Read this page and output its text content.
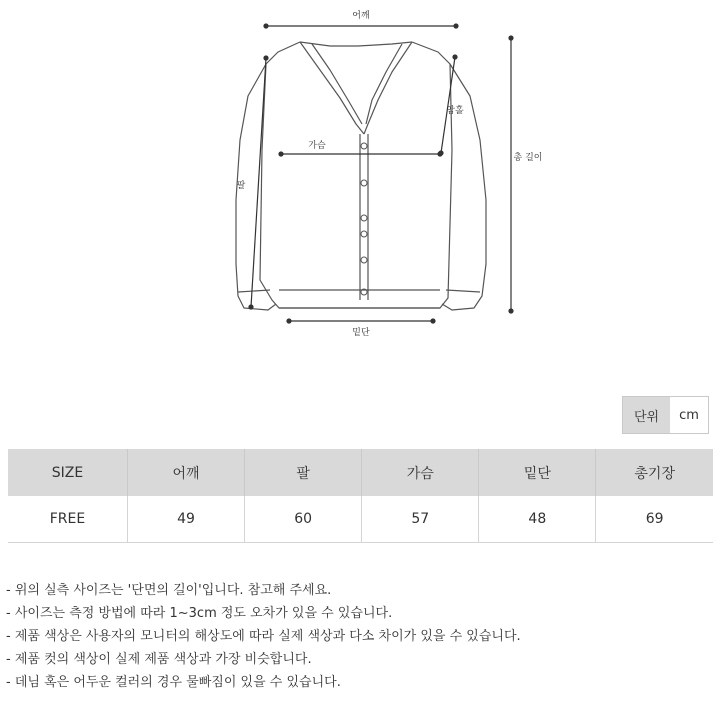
어깨
팔
가슴
암홀
총 길이
밑단
단위	cm
SIZE	어깨	팔	가슴	밑단	총기장
FREE	49	60	57	48	69
- 위의 실측 사이즈는 '단면의 길이'입니다. 참고해 주세요.
- 사이즈는 측정 방법에 따라 1~3cm 정도 오차가 있을 수 있습니다.
- 제품 색상은 사용자의 모니터의 해상도에 따라 실제 색상과 다소 차이가 있을 수 있습니다.
- 제품 컷의 색상이 실제 제품 색상과 가장 비슷합니다.
- 데님 혹은 어두운 컬러의 경우 물빠짐이 있을 수 있습니다.
